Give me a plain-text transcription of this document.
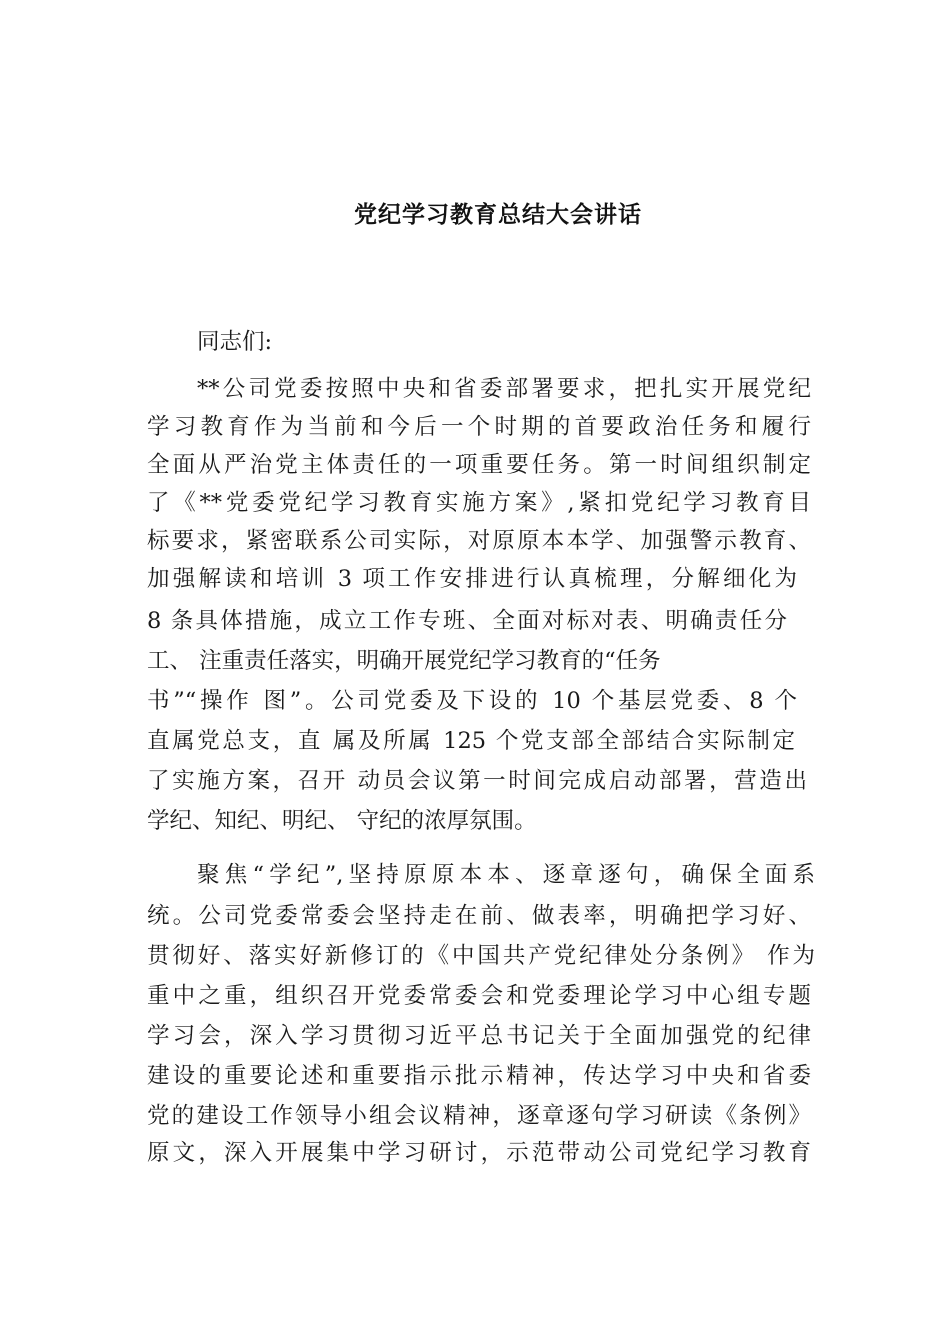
党纪学习教育总结大会讲话
同志们:
**公司党委按照中央和省委部署要求，把扎实开展党纪
学习教育作为当前和今后一个时期的首要政治任务和履行
全面从严治党主体责任的一项重要任务。第一时间组织制定
了《**党委党纪学习教育实施方案》,紧扣党纪学习教育目
标要求，紧密联系公司实际，对原原本本学、加强警示教育、
加强解读和培训 3 项工作安排进行认真梳理，分解细化为
8 条具体措施，成立工作专班、全面对标对表、明确责任分
工、 注重责任落实，明确开展党纪学习教育的“任务
书”“操作 图”。公司党委及下设的 10 个基层党委、8 个
直属党总支，直 属及所属 125 个党支部全部结合实际制定
了实施方案，召开 动员会议第一时间完成启动部署，营造出
学纪、知纪、明纪、 守纪的浓厚氛围。
聚焦“学纪”,坚持原原本本、逐章逐句，确保全面系
统。公司党委常委会坚持走在前、做表率，明确把学习好、
贯彻好、落实好新修订的《中国共产党纪律处分条例》 作为
重中之重，组织召开党委常委会和党委理论学习中心组专题
学习会，深入学习贯彻习近平总书记关于全面加强党的纪律
建设的重要论述和重要指示批示精神，传达学习中央和省委
党的建设工作领导小组会议精神，逐章逐句学习研读《条例》
原文，深入开展集中学习研讨，示范带动公司党纪学习教育
